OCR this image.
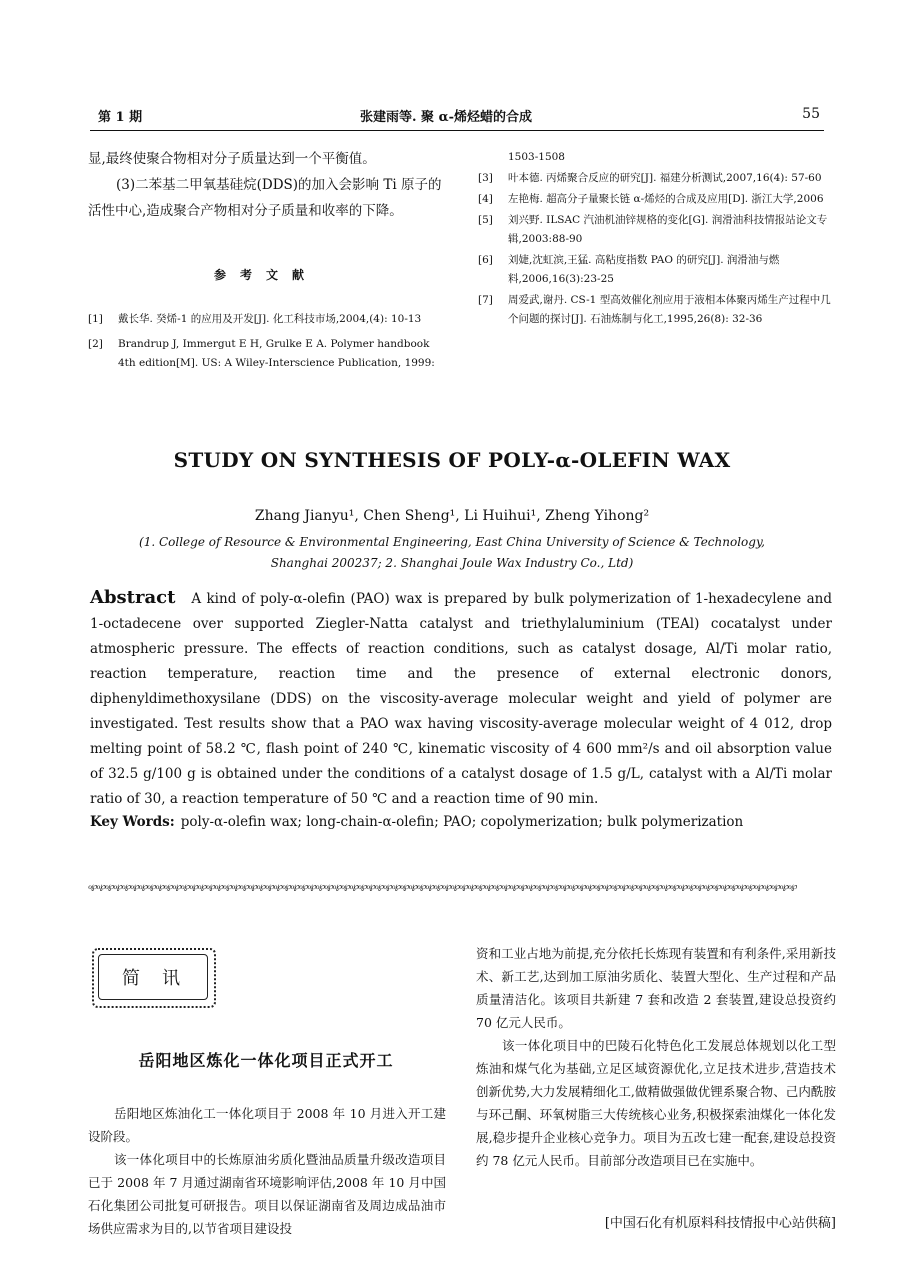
第 1 期	张建雨等. 聚 α-烯烃蜡的合成	55

显,最终使聚合物相对分子质量达到一个平衡值。

(3)二苯基二甲氧基硅烷(DDS)的加入会影响 Ti 原子的活性中心,造成聚合产物相对分子质量和收率的下降。

参考文献
[1]	戴长华. 癸烯-1 的应用及开发[J]. 化工科技市场,2004,(4): 10-13
[2]	Brandrup J, Immergut E H, Grulke E A. Polymer handbook 4th edition[M]. US: A Wiley-Interscience Publication, 1999:
1503-1508
[3]	叶本德. 丙烯聚合反应的研究[J]. 福建分析测试,2007,16(4): 57-60
[4]	左艳梅. 超高分子量聚长链 α-烯烃的合成及应用[D]. 浙江大学,2006
[5]	刘兴野. ILSAC 汽油机油锌规格的变化[G]. 润滑油科技情报站论文专辑,2003:88-90
[6]	刘婕,沈虹滨,王猛. 高粘度指数 PAO 的研究[J]. 润滑油与燃料,2006,16(3):23-25
[7]	周爱武,谢丹. CS-1 型高效催化剂应用于液相本体聚丙烯生产过程中几个问题的探讨[J]. 石油炼制与化工,1995,26(8): 32-36
STUDY ON SYNTHESIS OF POLY-α-OLEFIN WAX
Zhang Jianyu¹, Chen Sheng¹, Li Huihui¹, Zheng Yihong²
(1. College of Resource & Environmental Engineering, East China University of Science & Technology,
Shanghai 200237; 2. Shanghai Joule Wax Industry Co., Ltd)
Abstract A kind of poly-α-olefin (PAO) wax is prepared by bulk polymerization of 1-hexadecylene and 1-octadecene over supported Ziegler-Natta catalyst and triethylaluminium (TEAl) cocatalyst under atmospheric pressure. The effects of reaction conditions, such as catalyst dosage, Al/Ti molar ratio, reaction temperature, reaction time and the presence of external electronic donors, diphenyldimethoxysilane (DDS) on the viscosity-average molecular weight and yield of polymer are investigated. Test results show that a PAO wax having viscosity-average molecular weight of 4 012, drop melting point of 58.2 ℃, flash point of 240 ℃, kinematic viscosity of 4 600 mm²/s and oil absorption value of 32.5 g/100 g is obtained under the conditions of a catalyst dosage of 1.5 g/L, catalyst with a Al/Ti molar ratio of 30, a reaction temperature of 50 ℃ and a reaction time of 90 min.
Key Words: poly-α-olefin wax; long-chain-α-olefin; PAO; copolymerization; bulk polymerization
ℴ℘ℴ℘ℴ℘ℴ℘ℴ℘ℴ℘ℴ℘ℴ℘ℴ℘ℴ℘ℴ℘ℴ℘ℴ℘ℴ℘ℴ℘ℴ℘ℴ℘ℴ℘ℴ℘ℴ℘ℴ℘ℴ℘ℴ℘ℴ℘ℴ℘ℴ℘ℴ℘ℴ℘ℴ℘ℴ℘ℴ℘ℴ℘ℴ℘ℴ℘ℴ℘ℴ℘ℴ℘ℴ℘ℴ℘ℴ℘ℴ℘ℴ℘ℴ℘ℴ℘ℴ℘ℴ℘ℴ℘ℴ℘ℴ℘ℴ℘ℴ℘ℴ℘ℴ℘ℴ℘ℴ℘ℴ℘ℴ℘ℴ℘ℴ℘ℴ℘ℴ℘ℴ℘ℴ℘ℴ℘ℴ℘ℴ℘ℴ℘ℴ℘ℴ℘ℴ℘ℴ℘ℴ℘ℴ℘ℴ℘ℴ℘ℴ℘ℴ℘ℴ℘ℴ℘ℴ℘ℴ℘ℴ℘ℴ℘ℴ℘
简讯
岳阳地区炼化一体化项目正式开工

岳阳地区炼油化工一体化项目于 2008 年 10 月进入开工建设阶段。

该一体化项目中的长炼原油劣质化暨油品质量升级改造项目已于 2008 年 7 月通过湖南省环境影响评估,2008 年 10 月中国石化集团公司批复可研报告。项目以保证湖南省及周边成品油市场供应需求为目的,以节省项目建设投

资和工业占地为前提,充分依托长炼现有装置和有利条件,采用新技术、新工艺,达到加工原油劣质化、装置大型化、生产过程和产品质量清洁化。该项目共新建 7 套和改造 2 套装置,建设总投资约 70 亿元人民币。

该一体化项目中的巴陵石化特色化工发展总体规划以化工型炼油和煤气化为基础,立足区域资源优化,立足技术进步,营造技术创新优势,大力发展精细化工,做精做强做优锂系聚合物、己内酰胺与环己酮、环氧树脂三大传统核心业务,积极探索油煤化一体化发展,稳步提升企业核心竞争力。项目为五改七建一配套,建设总投资约 78 亿元人民币。目前部分改造项目已在实施中。

[中国石化有机原料科技情报中心站供稿]
